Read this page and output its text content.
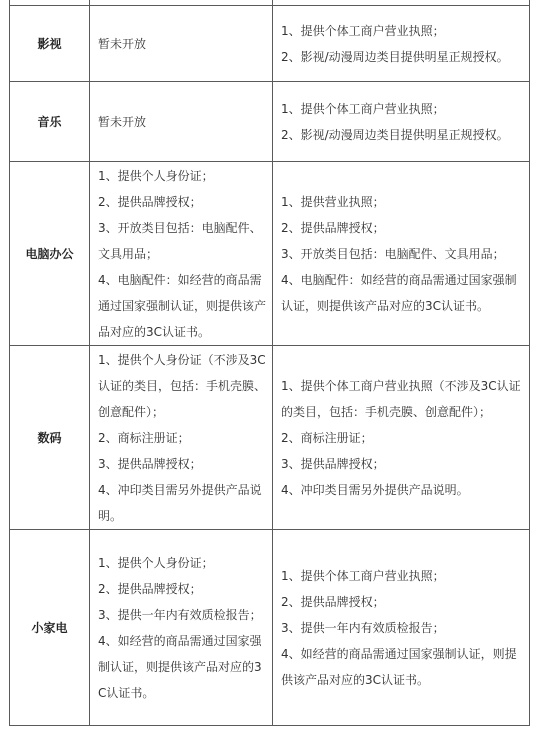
影视	暂未开放	1、提供个体工商户营业执照；
2、影视/动漫周边类目提供明星正规授权。

音乐	暂未开放	1、提供个体工商户营业执照；
2、影视/动漫周边类目提供明星正规授权。

电脑办公	1、提供个人身份证；
2、提供品牌授权；
3、开放类目包括：电脑配件、文具用品；
4、电脑配件：如经营的商品需通过国家强制认证，则提供该产品对应的3C认证书。	1、提供营业执照；
2、提供品牌授权；
3、开放类目包括：电脑配件、文具用品；
4、电脑配件：如经营的商品需通过国家强制认证，则提供该产品对应的3C认证书。

数码	1、提供个人身份证（不涉及3C认证的类目，包括：手机壳膜、创意配件）；
2、商标注册证；
3、提供品牌授权；
4、冲印类目需另外提供产品说明。	1、提供个体工商户营业执照（不涉及3C认证的类目，包括：手机壳膜、创意配件）；
2、商标注册证；
3、提供品牌授权；
4、冲印类目需另外提供产品说明。

小家电	1、提供个人身份证；
2、提供品牌授权；
3、提供一年内有效质检报告；
4、如经营的商品需通过国家强制认证，则提供该产品对应的3C认证书。	1、提供个体工商户营业执照；
2、提供品牌授权；
3、提供一年内有效质检报告；
4、如经营的商品需通过国家强制认证，则提供该产品对应的3C认证书。
